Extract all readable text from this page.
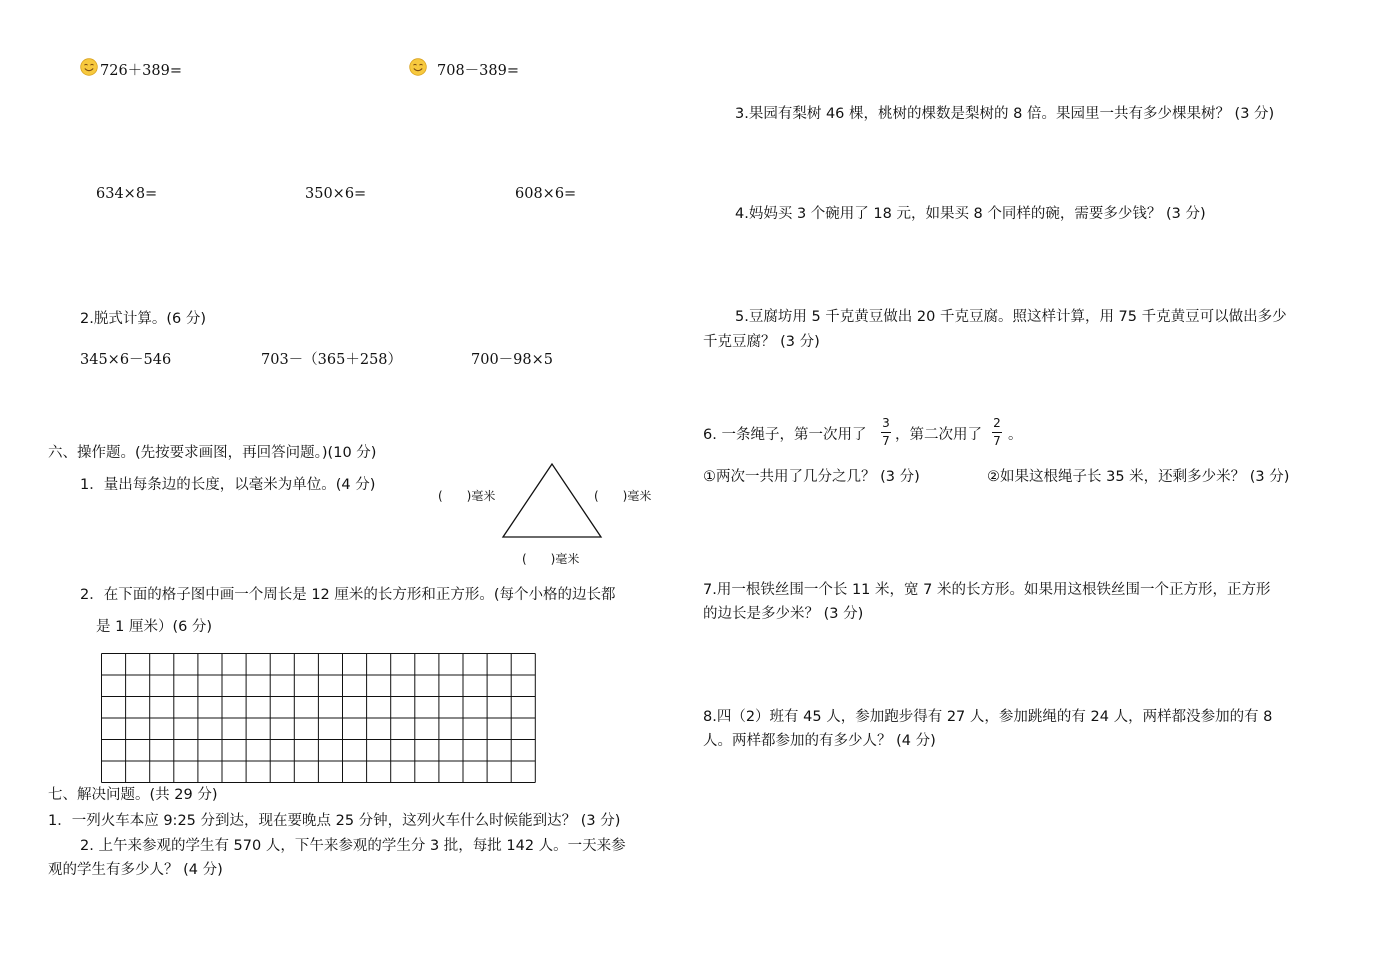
726＋389=	708－389=
634×8=	350×6=	608×6=
2.脱式计算。(6 分)
345×6－546	703－（365＋258）	700－98×5
六、操作题。(先按要求画图，再回答问题。)(10 分)
1．量出每条边的长度，以毫米为单位。(4 分)
(　　)毫米	(　　)毫米
(　　)毫米
2．在下面的格子图中画一个周长是 12 厘米的长方形和正方形。(每个小格的边长都
是 1 厘米）(6 分)
七、解决问题。(共 29 分)
1．一列火车本应 9:25 分到达，现在要晚点 25 分钟，这列火车什么时候能到达？ (3 分)
2. 上午来参观的学生有 570 人，下午来参观的学生分 3 批，每批 142 人。一天来参
观的学生有多少人？ (4 分)
3.果园有梨树 46 棵，桃树的棵数是梨树的 8 倍。果园里一共有多少棵果树？ (3 分)
4.妈妈买 3 个碗用了 18 元，如果买 8 个同样的碗，需要多少钱？ (3 分)
5.豆腐坊用 5 千克黄豆做出 20 千克豆腐。照这样计算，用 75 千克黄豆可以做出多少
千克豆腐？ (3 分)
6. 一条绳子，第一次用了
3
7 ，第二次用了
2
7 。
①两次一共用了几分之几？ (3 分)	②如果这根绳子长 35 米，还剩多少米？ (3 分)
7.用一根铁丝围一个长 11 米，宽 7 米的长方形。如果用这根铁丝围一个正方形，正方形
的边长是多少米？ (3 分)
8.四（2）班有 45 人，参加跑步得有 27 人，参加跳绳的有 24 人，两样都没参加的有 8
人。两样都参加的有多少人？ (4 分)
